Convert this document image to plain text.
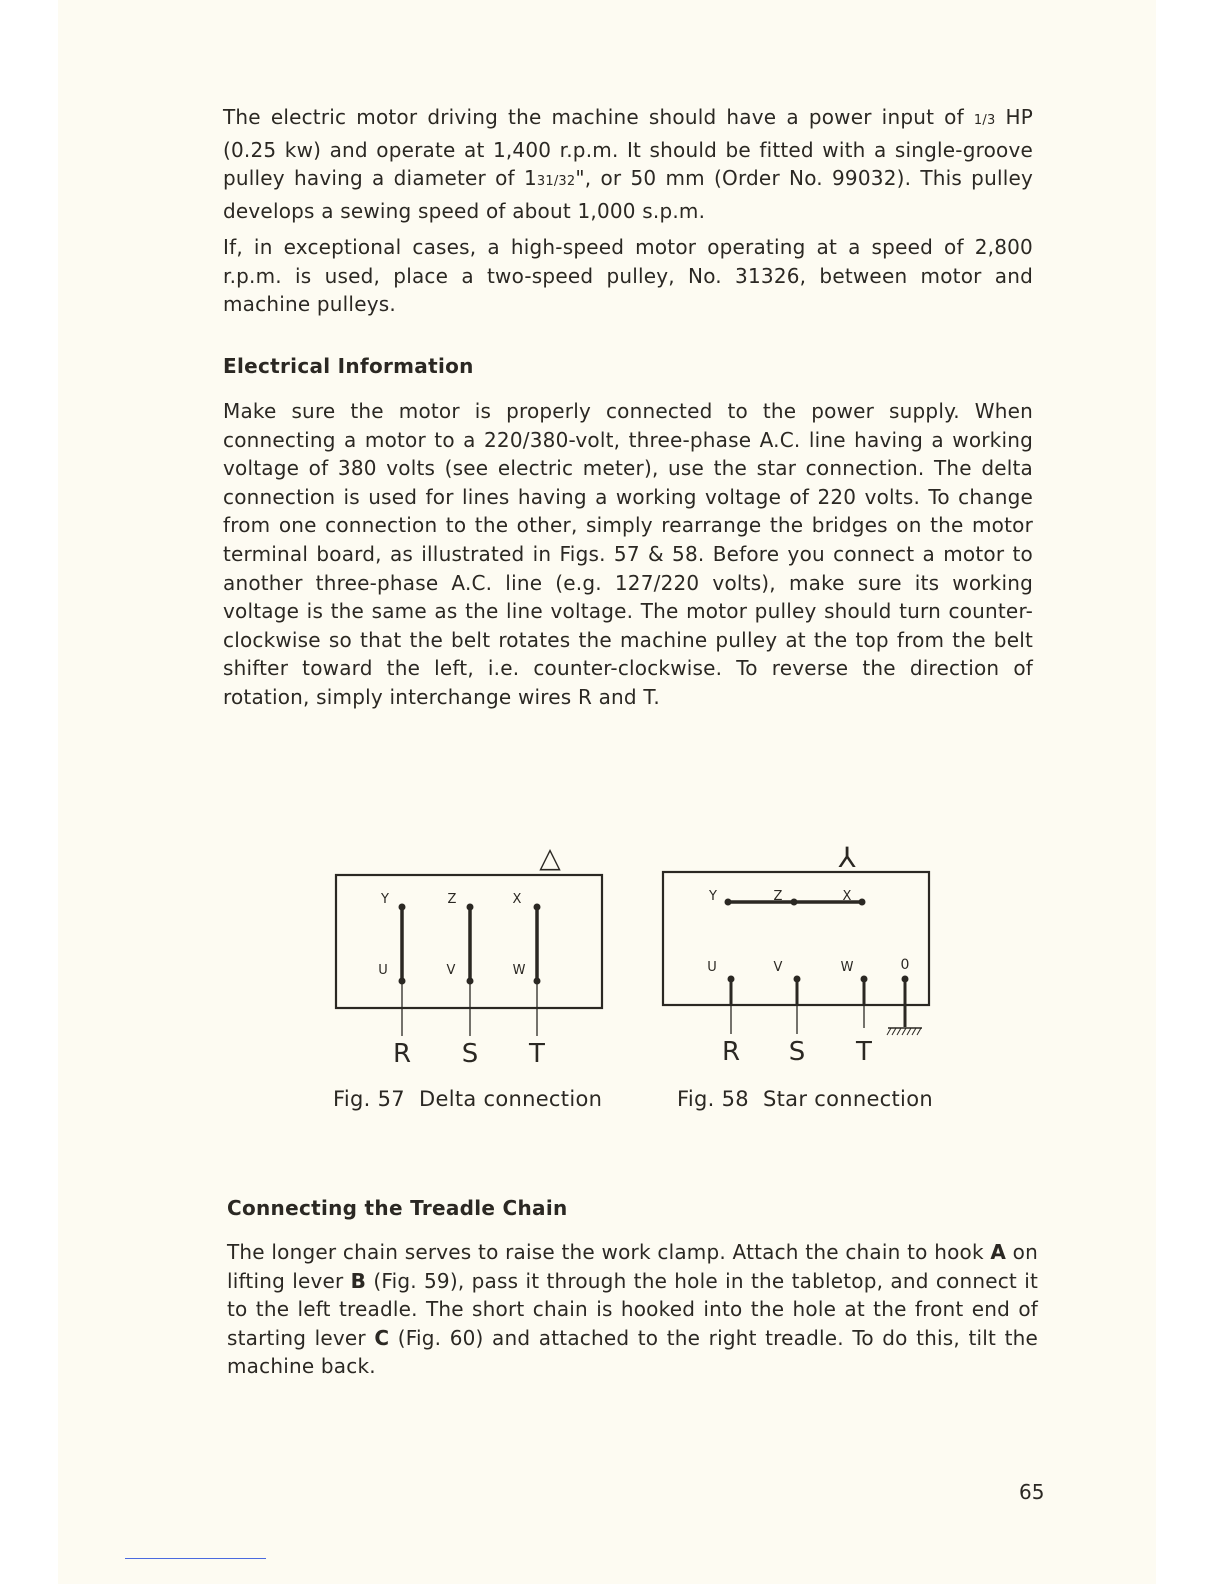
The electric motor driving the machine should have a power input of 1/3 HP (0.25 kw) and operate at 1,400 r.p.m. It should be fitted with a single-groove pulley having a diameter of 131/32", or 50 mm (Order No. 99032). This pulley develops a sewing speed of about 1,000 s.p.m.

If, in exceptional cases, a high-speed motor operating at a speed of 2,800 r.p.m. is used, place a two-speed pulley, No. 31326, between motor and machine pulleys.

Electrical Information

Make sure the motor is properly connected to the power supply. When connecting a motor to a 220/380-volt, three-phase A.C. line having a working voltage of 380 volts (see electric meter), use the star connection. The delta connection is used for lines having a working voltage of 220 volts. To change from one connection to the other, simply rearrange the bridges on the motor terminal board, as illustrated in Figs. 57 & 58. Before you connect a motor to another three-phase A.C. line (e.g. 127/220 volts), make sure its working voltage is the same as the line voltage. The motor pulley should turn counter-clockwise so that the belt rotates the machine pulley at the top from the belt shifter toward the left, i.e. counter-clockwise. To reverse the direction of rotation, simply interchange wires R and T.

△
Y	Z	X
U	V	W
R S T
Fig. 57 Delta connection
⅄
Y	Z	X
U	V	W	0
R S T
Fig. 58 Star connection
Connecting the Treadle Chain

The longer chain serves to raise the work clamp. Attach the chain to hook A on lifting lever B (Fig. 59), pass it through the hole in the tabletop, and connect it to the left treadle. The short chain is hooked into the hole at the front end of starting lever C (Fig. 60) and attached to the right treadle. To do this, tilt the machine back.

65
